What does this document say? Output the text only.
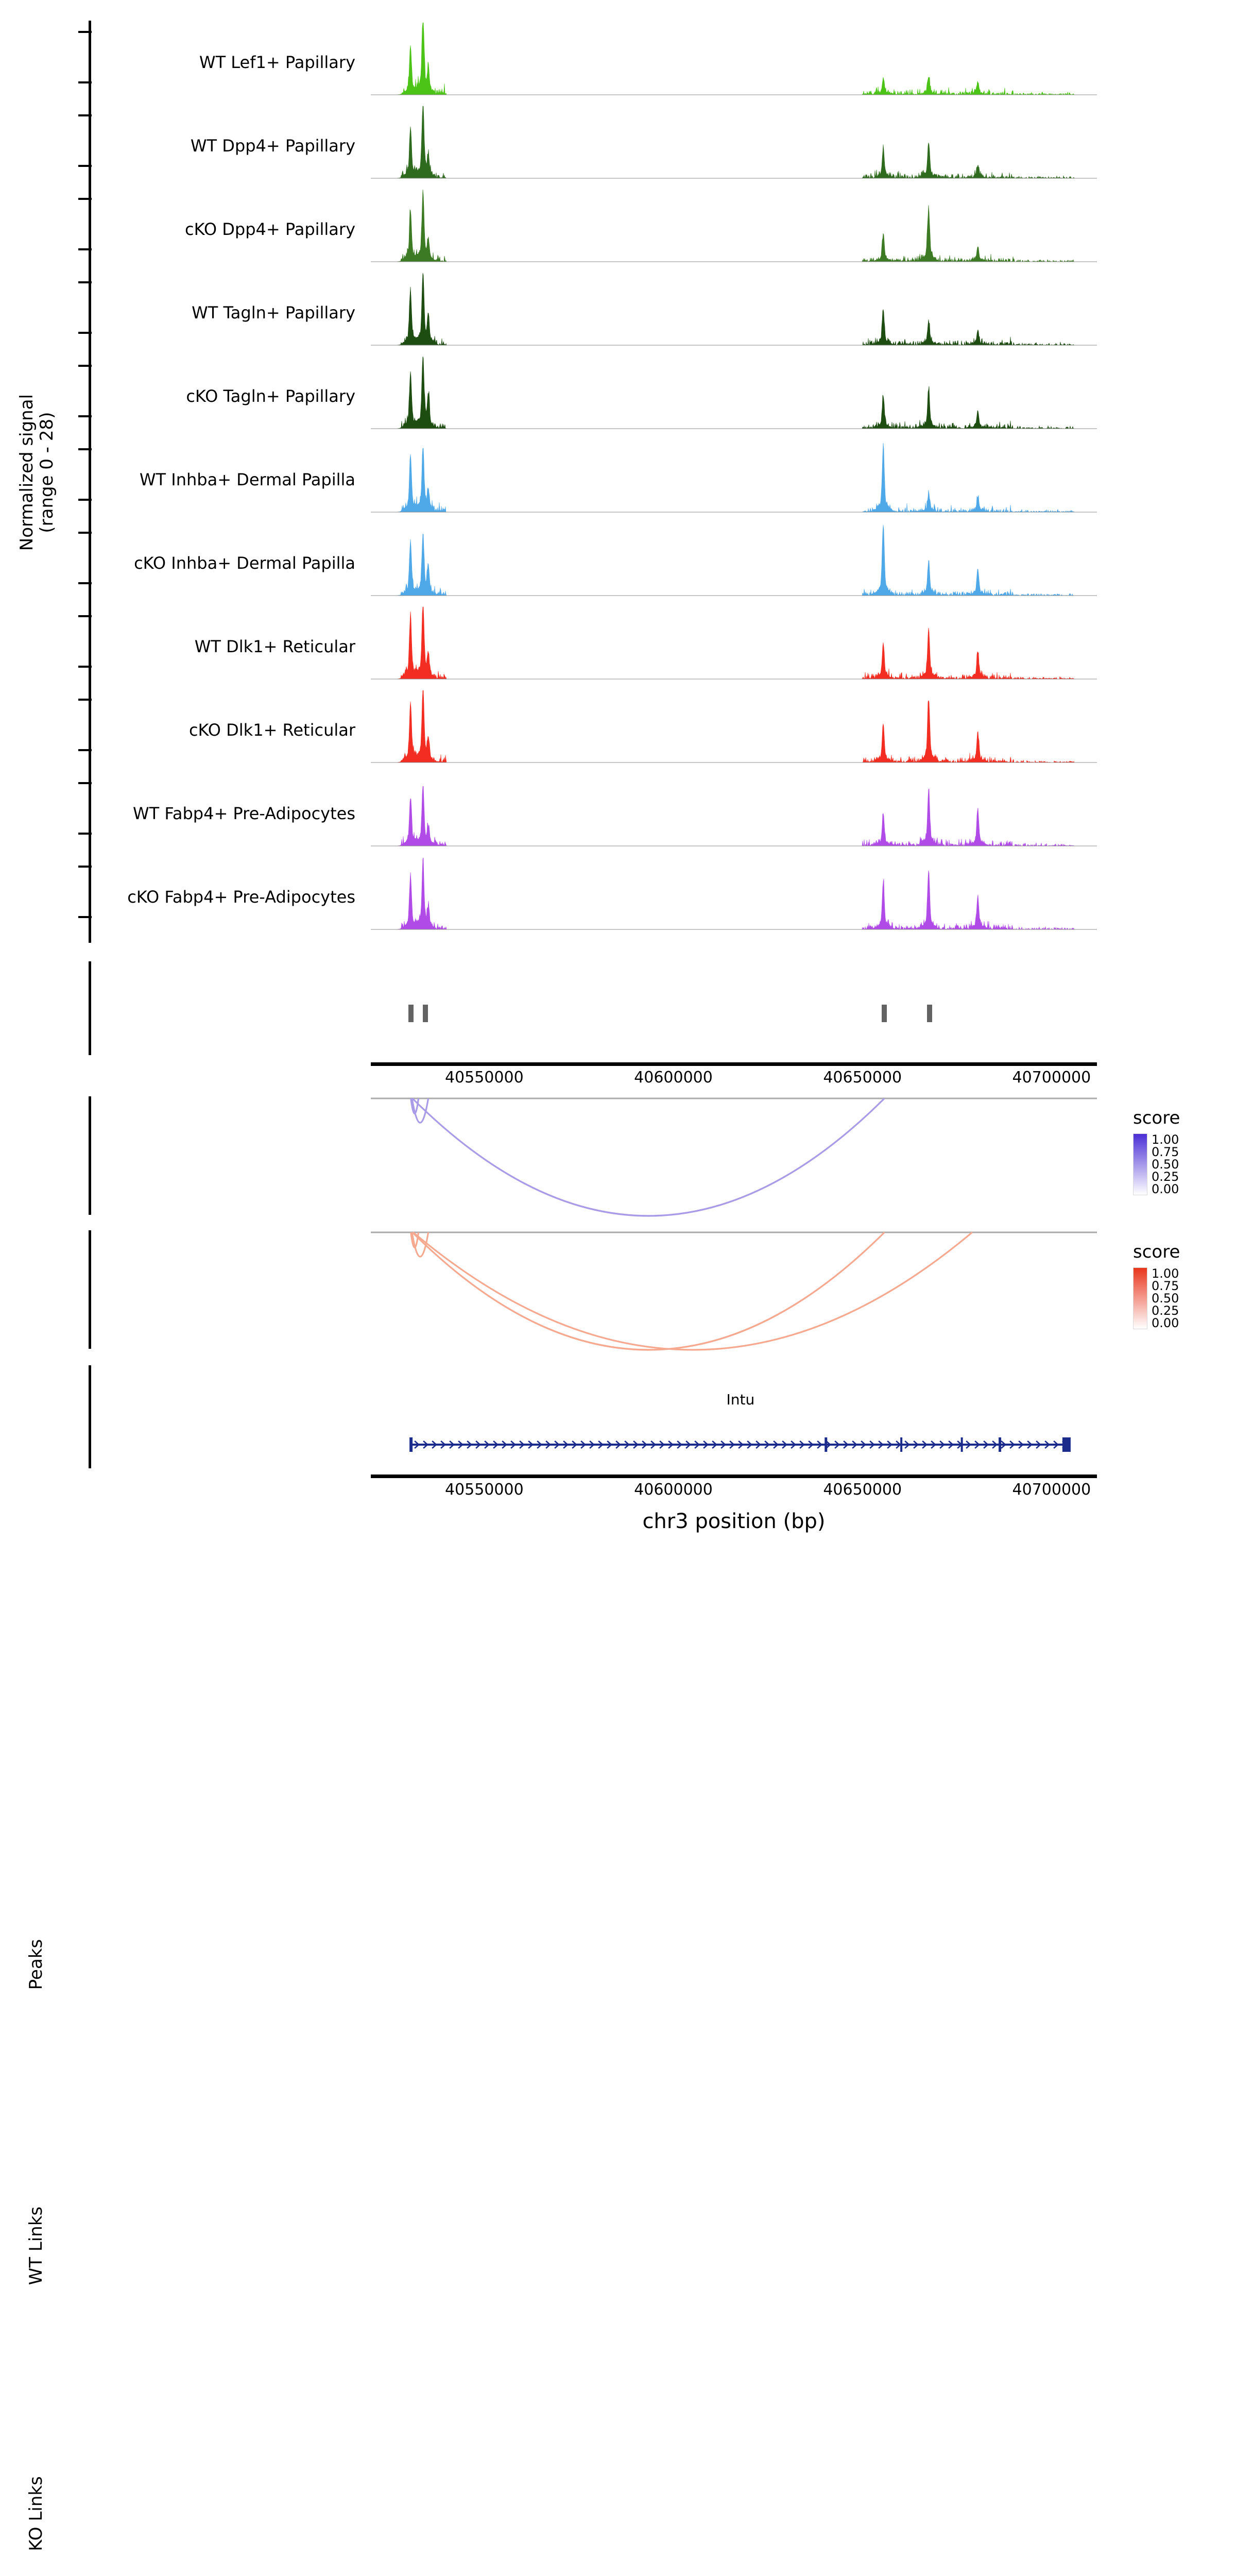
Normalized signal
(range 0 - 28)
WT Lef1+ Papillary
WT Dpp4+ Papillary
cKO Dpp4+ Papillary
WT Tagln+ Papillary
cKO Tagln+ Papillary
WT Inhba+ Dermal Papilla
cKO Inhba+ Dermal Papilla
WT Dlk1+ Reticular
cKO Dlk1+ Reticular
WT Fabp4+ Pre-Adipocytes
cKO Fabp4+ Pre-Adipocytes
Peaks
40550000	40600000	40650000	40700000
WT Links
score
1.00
0.75
0.50
0.25
0.00
KO Links
score
1.00
0.75
0.50
0.25
0.00
Intu
40550000	40600000	40650000	40700000
chr3 position (bp)
